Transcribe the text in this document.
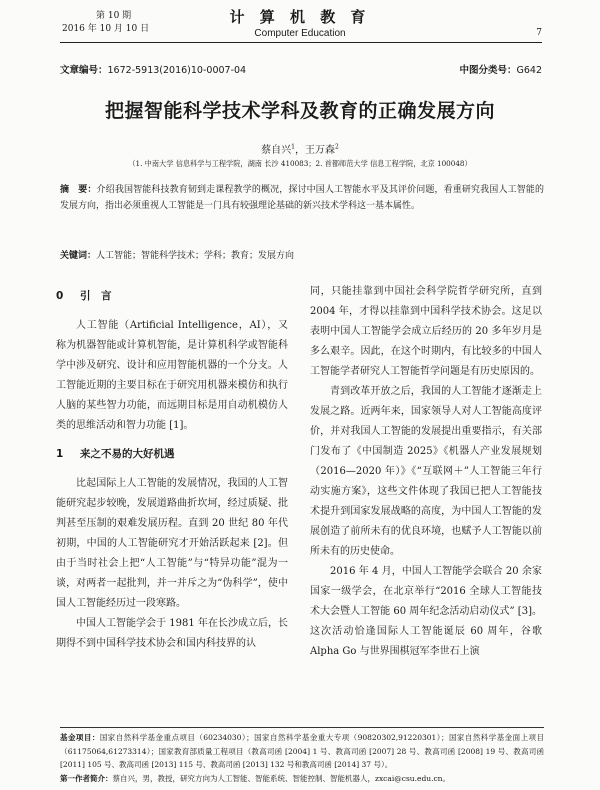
第 10 期
2016 年 10 月 10 日
计 算 机 教 育
Computer Education	7
文章编号：1672-5913(2016)10-0007-04	中图分类号：G642
把握智能科学技术学科及教育的正确发展方向
蔡自兴$^1$，王万森$^2$
（1. 中南大学 信息科学与工程学院，湖南 长沙 410083；2. 首都师范大学 信息工程学院，北京 100048）
摘　要：介绍我国智能科技教育韧到走课程教学的概况，探讨中国人工智能水平及其评价问题，看重研究我国人工智能的发展方向，指出必须重视人工智能是一门具有较强理论基础的新兴技术学科这一基本属性。
关键词：人工智能；智能科学技术；学科；教育；发展方向
0 引　言

人工智能（Artificial Intelligence，AI），又称为机器智能或计算机智能，是计算机科学或智能科学中涉及研究、设计和应用智能机器的一个分支。人工智能近期的主要目标在于研究用机器来模仿和执行人脑的某些智力功能，而远期目标是用自动机模仿人类的思维活动和智力功能 [1]。

1 来之不易的大好机遇

比起国际上人工智能的发展情况，我国的人工智能研究起步较晚，发展道路曲折坎坷，经过质疑、批判甚至压制的艰难发展历程。直到 20 世纪 80 年代初期，中国的人工智能研究才开始活跃起来 [2]。但由于当时社会上把“人工智能”与“特异功能”混为一谈，对两者一起批判，并一并斥之为“伪科学”，使中国人工智能经历过一段寒路。

中国人工智能学会于 1981 年在长沙成立后，长期得不到中国科学技术协会和国内科技界的认

同，只能挂靠到中国社会科学院哲学研究所，直到 2004 年，才得以挂靠到中国科学技术协会。这足以表明中国人工智能学会成立后经历的 20 多年岁月是多么艰辛。因此，在这个时期内，有比较多的中国人工智能学者研究人工智能哲学问题是有历史原因的。

青到改革开放之后，我国的人工智能才逐渐走上发展之路。近两年来，国家领导人对人工智能高度评价，并对我国人工智能的发展提出重要指示，有关部门发布了《中国制造 2025》《机器人产业发展规划（2016—2020 年）》《“互联网＋”人工智能三年行动实施方案》，这些文件体现了我国已把人工智能技术提升到国家发展战略的高度，为中国人工智能的发展创造了前所未有的优良环境，也赋予人工智能以前所未有的历史使命。

2016 年 4 月，中国人工智能学会联合 20 余家国家一级学会，在北京举行“2016 全球人工智能技术大会暨人工智能 60 周年纪念活动启动仪式” [3]。这次活动恰逢国际人工智能诞辰 60 周年，谷歌 Alpha Go 与世界围棋冠军李世石上演

基金项目：国家自然科学基金重点项目（60234030）；国家自然科学基金重大专项（90820302,91220301）；国家自然科学基金面上项目（61175064,61273314）；国家教育部质量工程项目（教高司函 [2004] 1 号、教高司函 [2007] 28 号、教高司函 [2008] 19 号、教高司函 [2011] 105 号、教高司函 [2013] 115 号、教高司函 [2013] 132 号和教高司函 [2014] 37 号）。
第一作者简介：蔡自兴，男，教授，研究方向为人工智能、智能系统、智能控制、智能机器人，zxcai@csu.edu.cn。
